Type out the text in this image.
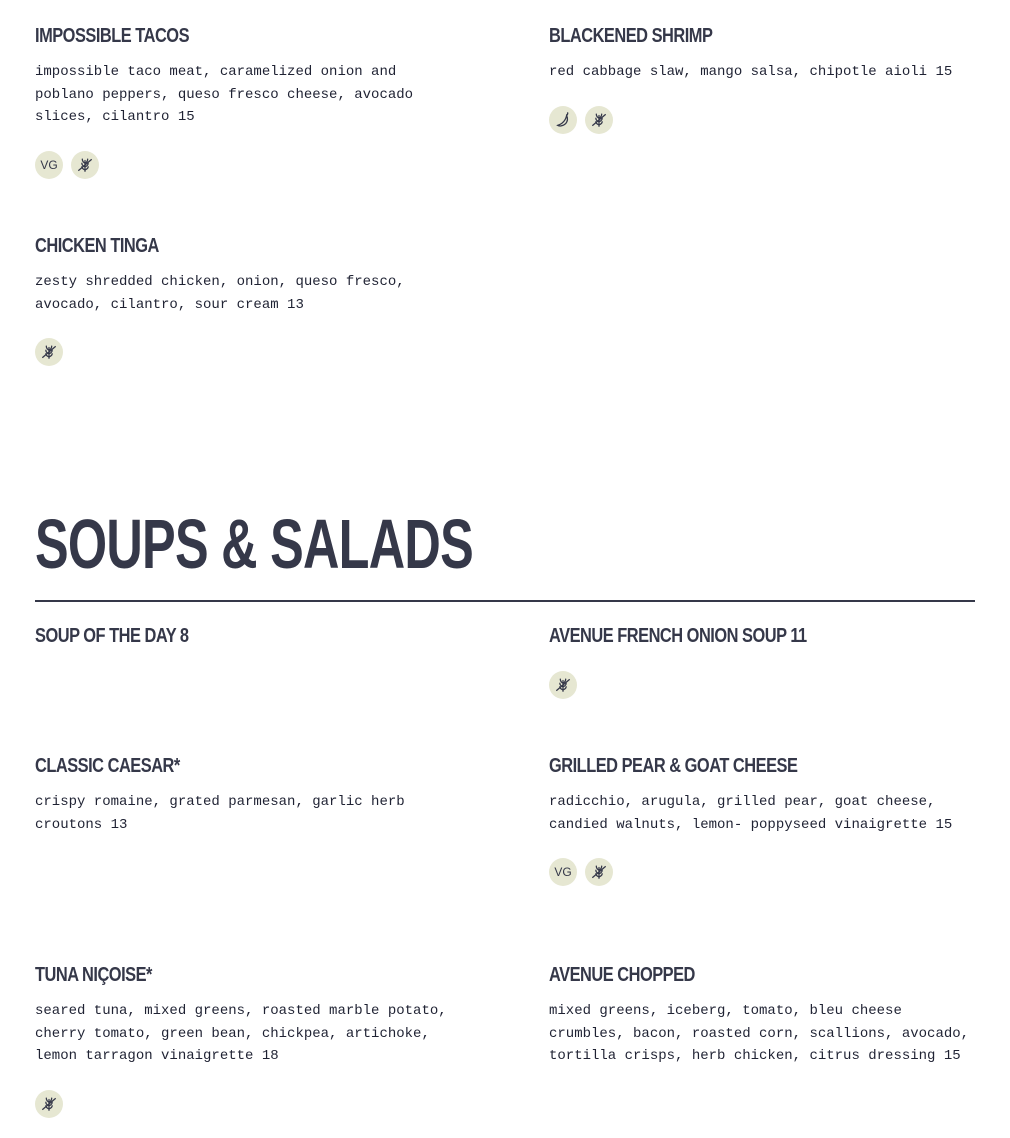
IMPOSSIBLE TACOS

impossible taco meat, caramelized onion and poblano peppers, queso fresco cheese, avocado slices, cilantro 15

VG
BLACKENED SHRIMP

red cabbage slaw, mango salsa, chipotle aioli 15

CHICKEN TINGA

zesty shredded chicken, onion, queso fresco, avocado, cilantro, sour cream 13

SOUPS & SALADS
SOUP OF THE DAY 8	AVENUE FRENCH ONION SOUP 11
CLASSIC CAESAR*

crispy romaine, grated parmesan, garlic herb croutons 13

GRILLED PEAR & GOAT CHEESE

radicchio, arugula, grilled pear, goat cheese, candied walnuts, lemon- poppyseed vinaigrette 15

VG
TUNA NIÇOISE*

seared tuna, mixed greens, roasted marble potato, cherry tomato, green bean, chickpea, artichoke, lemon tarragon vinaigrette 18

AVENUE CHOPPED

mixed greens, iceberg, tomato, bleu cheese crumbles, bacon, roasted corn, scallions, avocado, tortilla crisps, herb chicken, citrus dressing 15
